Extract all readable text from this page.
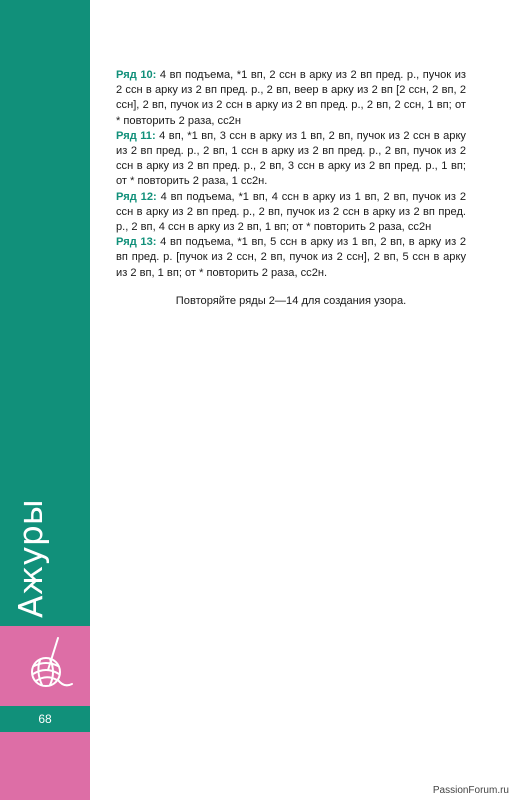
Ажуры
68

Ряд 10: 4 вп подъема, *1 вп, 2 ссн в арку из 2 вп пред. р., пучок из 2 ссн в арку из 2 вп пред. р., 2 вп, веер в арку из 2 вп [2 ссн, 2 вп, 2 ссн], 2 вп, пучок из 2 ссн в арку из 2 вп пред. р., 2 вп, 2 ссн, 1 вп; от * повторить 2 раза, сс2н

Ряд 11: 4 вп, *1 вп, 3 ссн в арку из 1 вп, 2 вп, пучок из 2 ссн в арку из 2 вп пред. р., 2 вп, 1 ссн в арку из 2 вп пред. р., 2 вп, пучок из 2 ссн в арку из 2 вп пред. р., 2 вп, 3 ссн в арку из 2 вп пред. р., 1 вп; от * повторить 2 раза, 1 сс2н.

Ряд 12: 4 вп подъема, *1 вп, 4 ссн в арку из 1 вп, 2 вп, пучок из 2 ссн в арку из 2 вп пред. р., 2 вп, пучок из 2 ссн в арку из 2 вп пред. р., 2 вп, 4 ссн в арку из 2 вп, 1 вп; от * повторить 2 раза, сс2н

Ряд 13: 4 вп подъема, *1 вп, 5 ссн в арку из 1 вп, 2 вп, в арку из 2 вп пред. р. [пучок из 2 ссн, 2 вп, пучок из 2 ссн], 2 вп, 5 ссн в арку из 2 вп, 1 вп; от * повторить 2 раза, сс2н.

Повторяйте ряды 2—14 для создания узора.

PassionForum.ru
